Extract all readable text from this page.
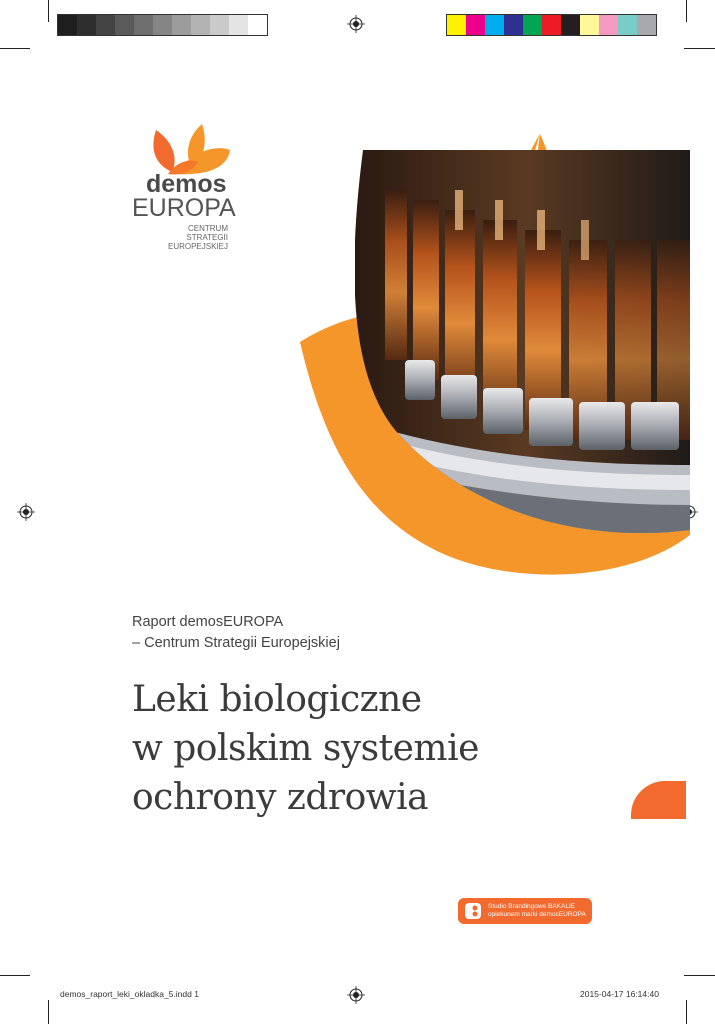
demos
EUROPA
CENTRUM STRATEGII
EUROPEJSKIEJ
Raport demosEUROPA
– Centrum Strategii Europejskiej
Leki biologiczne
w polskim systemie
ochrony zdrowia
Studio Brandingowe BAKALIE
opiekunem marki demosEUROPA
demos_raport_leki_okladka_5.indd 1	2015-04-17 16:14:40
